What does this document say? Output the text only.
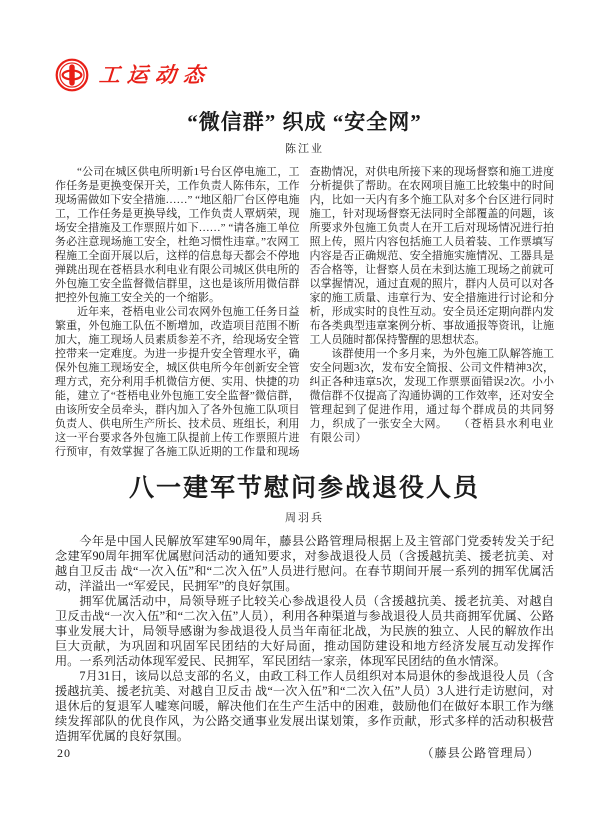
工运动态
“微信群” 织成 “安全网”
陈江业

“公司在城区供电所明新1号台区停电施工，工作任务是更换变保开关，工作负责人陈伟东，工作现场需做如下安全措施……” “地区船厂台区停电施工，工作任务是更换导线，工作负责人覃炳荣，现场安全措施及工作票照片如下……” “请各施工单位务必注意现场施工安全，杜绝习惯性违章。”农网工程施工全面开展以后，这样的信息每天都会不停地弹跳出现在苍梧县水利电业有限公司城区供电所的外包施工安全监督微信群里，这也是该所用微信群把控外包施工安全关的一个缩影。

近年来，苍梧电业公司农网外包施工任务日益繁重，外包施工队伍不断增加，改造项目范围不断加大，施工现场人员素质参差不齐，给现场安全管控带来一定难度。为进一步提升安全管理水平，确保外包施工现场安全，城区供电所今年创新安全管理方式，充分利用手机微信方便、实用、快捷的功能，建立了“苍梧电业外包施工安全监督”微信群，由该所安全员牵头，群内加入了各外包施工队项目负责人、供电所生产所长、技术员、班组长，利用这一平台要求各外包施工队提前上传工作票照片进行预审，有效掌握了各施工队近期的工作量和现场查勘情况，对供电所接下来的现场督察和施工进度分析提供了帮助。在农网项目施工比较集中的时间内，比如一天内有多个施工队对多个台区进行同时施工，针对现场督察无法同时全部覆盖的问题，该所要求外包施工负责人在开工后对现场情况进行拍照上传，照片内容包括施工人员着装、工作票填写内容是否正确规范、安全措施实施情况、工器具是否合格等，让督察人员在未到达施工现场之前就可以掌握情况，通过直观的照片，群内人员可以对各家的施工质量、违章行为、安全措施进行讨论和分析，形成实时的良性互动。安全员还定期向群内发布各类典型违章案例分析、事故通报等资讯，让施工人员随时都保持警醒的思想状态。

该群使用一个多月来，为外包施工队解答施工安全问题3次，发布安全简报、公司文件精神3次，纠正各种违章5次，发现工作票票面错误2次。小小微信群不仅提高了沟通协调的工作效率，还对安全管理起到了促进作用，通过每个群成员的共同努力，织成了一张安全大网。 （苍梧县水利电业有限公司）

八一建军节慰问参战退役人员
周羽兵

今年是中国人民解放军建军90周年，藤县公路管理局根据上及主管部门党委转发关于纪念建军90周年拥军优属慰问活动的通知要求，对参战退役人员（含援越抗美、援老抗美、对越自卫反击 战“一次入伍”和“二次入伍”人员进行慰问。在春节期间开展一系列的拥军优属活动，洋溢出一“军爱民，民拥军”的良好氛围。

拥军优属活动中，局领导班子比较关心参战退役人员（含援越抗美、援老抗美、对越自卫反击战“一次入伍”和“二次入伍”人员），利用各种渠道与参战退役人员共商拥军优属、公路事业发展大计，局领导感谢为参战退役人员当年南征北战，为民族的独立、人民的解放作出巨大贡献，为巩固和巩固军民团结的大好局面，推动国防建设和地方经济发展互动发挥作用。一系列活动体现军爱民、民拥军，军民团结一家亲，体现军民团结的鱼水情深。

7月31日，该局以总支部的名义，由政工科工作人员组织对本局退休的参战退役人员（含援越抗美、援老抗美、对越自卫反击 战“一次入伍”和“二次入伍”人员）3人进行走访慰问，对退休后的复退军人嘘寒问暖，解决他们在生产生活中的困难，鼓励他们在做好本职工作为继续发挥部队的优良作风，为公路交通事业发展出谋划策，多作贡献，形式多样的活动积极营造拥军优属的良好氛围。

（藤县公路管理局）
20
